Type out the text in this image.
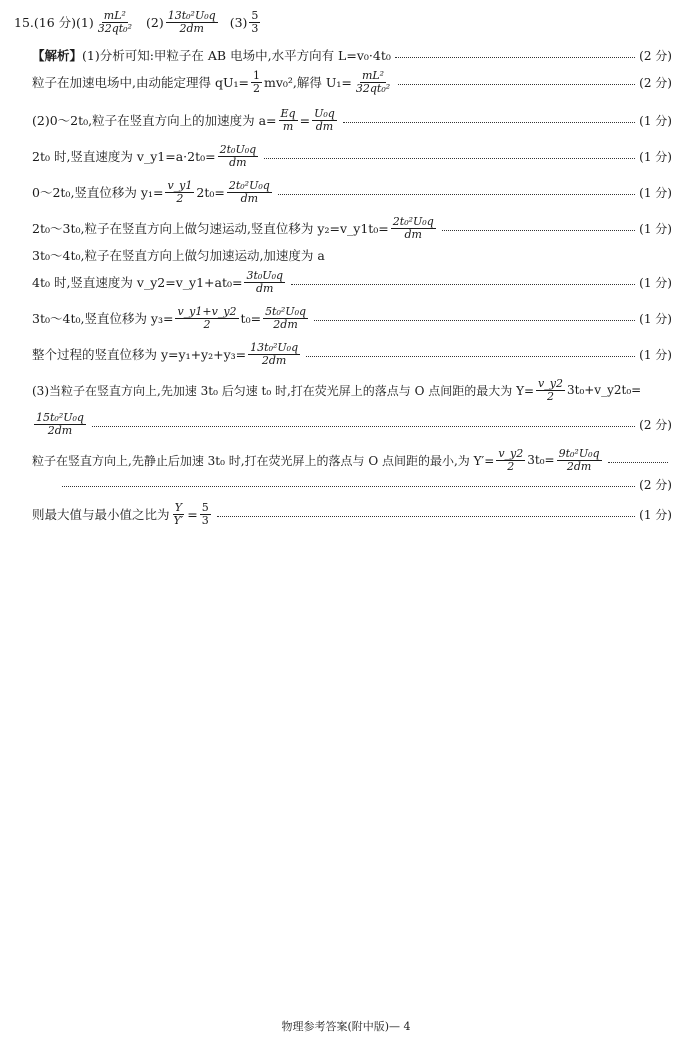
15.(16 分)$(1) \frac{\text{mL²}}{\text{32qt₀²}} (2) \frac{\text{13t₀²U₀q}}{2dm} (3) \frac{5}{3}$
【解析】 (1)分析可知:甲粒子在 AB 电场中,水平方向有 L=v₀·4t₀	(2 分)
粒子在加速电场中,由动能定理得 $qU_1= \frac{1}{2} mv_0^2$,解得 $U_1= \frac{\text{mL²}}{\text{32qt₀²}}$	(2 分)
(2)0～2t₀,粒子在竖直方向上的加速度为 $a= \frac{Eq}{m} = \frac{\text{U₀q}}{dm}$	(1 分)
2t₀ 时,竖直速度为 v_y1=a·2t₀= $\frac{\text{2t₀U₀q}}{dm}$	(1 分)
0～2t₀,竖直位移为 $y_1= \frac{v\_y1}{2} 2t_0= \frac{\text{2t₀²U₀q}}{dm}$	(1 分)
2t₀～3t₀,粒子在竖直方向上做匀速运动,竖直位移为 y₂=v_y1t₀= $\frac{\text{2t₀²U₀q}}{dm}$	(1 分)
3t₀～4t₀,粒子在竖直方向上做匀加速运动,加速度为 a
4t₀ 时,竖直速度为 v_y2=v_y1+at₀= $\frac{\text{3t₀U₀q}}{dm}$	(1 分)
3t₀～4t₀,竖直位移为 $y_3= \frac{v\_y1+v\_y2}{2} t_0= \frac{\text{5t₀²U₀q}}{2dm}$	(1 分)
整个过程的竖直位移为 $y=y_1+y_2+y_3= \frac{\text{13t₀²U₀q}}{2dm}$	(1 分)
(3)当粒子在竖直方向上,先加速 3t₀ 后匀速 t₀ 时,打在荧光屏上的落点与 O 点间距的最大为 $Y= \frac{v\_y2}{2}$ 3t₀+v_y2t₀=
$\frac{\text{15t₀²U₀q}}{2dm}$	(2 分)
粒子在竖直方向上,先静止后加速 3t₀ 时,打在荧光屏上的落点与 O 点间距的最小,为 $Y'= \frac{v\_y2}{2} 3t_0= \frac{\text{9t₀²U₀q}}{2dm}$
(2 分)
则最大值与最小值之比为 $\frac{Y}{Y'} = \frac{5}{3}$	(1 分)
物理参考答案(附中版)— 4
